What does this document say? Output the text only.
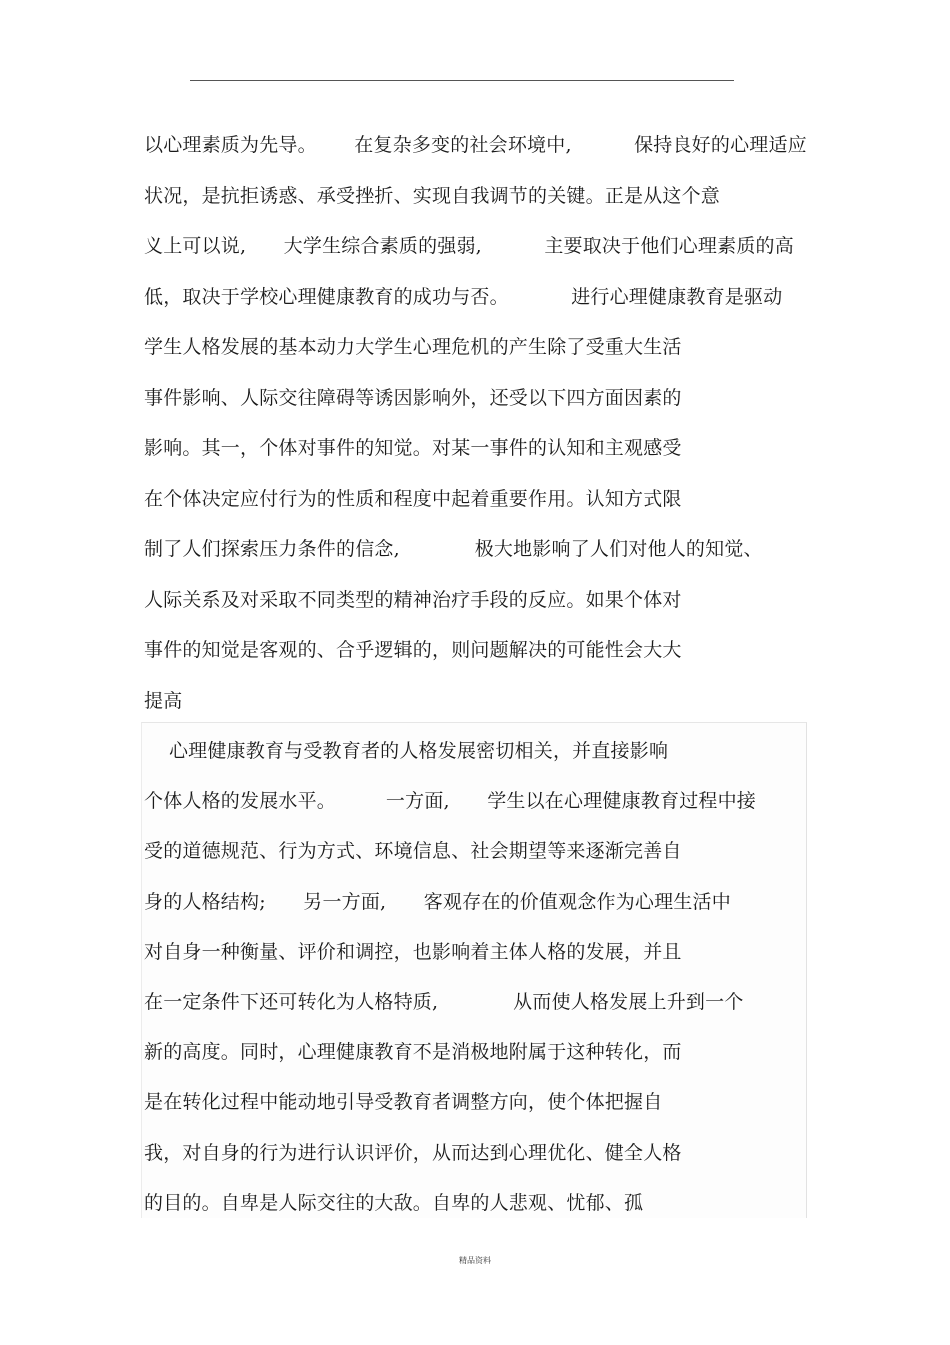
以心理素质为先导。      在复杂多变的社会环境中,          保持良好的心理适应
状况，是抗拒诱惑、承受挫折、实现自我调节的关键。正是从这个意
义上可以说,      大学生综合素质的强弱,          主要取决于他们心理素质的高
低，取决于学校心理健康教育的成功与否。          进行心理健康教育是驱动
学生人格发展的基本动力大学生心理危机的产生除了受重大生活
事件影响、人际交往障碍等诱因影响外，还受以下四方面因素的
影响。其一，个体对事件的知觉。对某一事件的认知和主观感受
在个体决定应付行为的性质和程度中起着重要作用。认知方式限
制了人们探索压力条件的信念,            极大地影响了人们对他人的知觉、
人际关系及对采取不同类型的精神治疗手段的反应。如果个体对
事件的知觉是客观的、合乎逻辑的，则问题解决的可能性会大大
提高
心理健康教育与受教育者的人格发展密切相关，并直接影响
个体人格的发展水平。        一方面,      学生以在心理健康教育过程中接
受的道德规范、行为方式、环境信息、社会期望等来逐渐完善自
身的人格结构;      另一方面,      客观存在的价值观念作为心理生活中
对自身一种衡量、评价和调控，也影响着主体人格的发展，并且
在一定条件下还可转化为人格特质,            从而使人格发展上升到一个
新的高度。同时，心理健康教育不是消极地附属于这种转化，而
是在转化过程中能动地引导受教育者调整方向，使个体把握自
我，对自身的行为进行认识评价，从而达到心理优化、健全人格
的目的。自卑是人际交往的大敌。自卑的人悲观、忧郁、孤
精品资料
